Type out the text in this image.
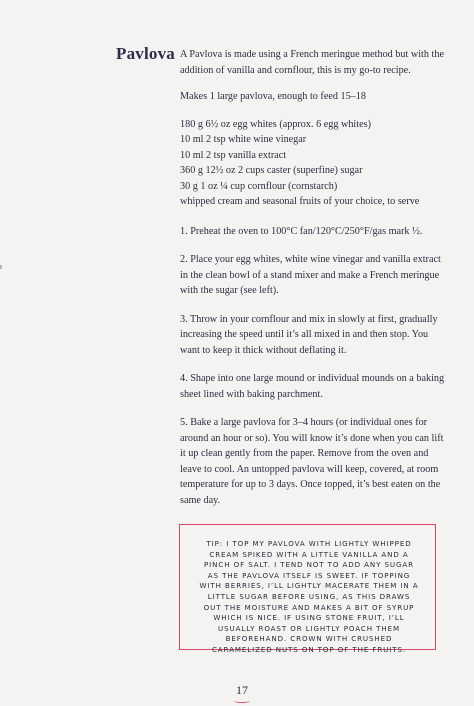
Pavlova A Pavlova is made using a French meringue method but with the addition of vanilla and cornflour, this is my go-to recipe.

Makes 1 large pavlova, enough to feed 15–18

180 g 6½ oz egg whites (approx. 6 egg whites)
10 ml 2 tsp white wine vinegar
10 ml 2 tsp vanilla extract
360 g 12½ oz 2 cups caster (superfine) sugar
30 g 1 oz ¼ cup cornflour (cornstarch)
whipped cream and seasonal fruits of your choice, to serve
1. Preheat the oven to 100°C fan/120°C/250°F/gas mark ½.
2. Place your egg whites, white wine vinegar and vanilla extract in the clean bowl of a stand mixer and make a French meringue with the sugar (see left).
3. Throw in your cornflour and mix in slowly at first, gradually increasing the speed until it’s all mixed in and then stop. You want to keep it thick without deflating it.
4. Shape into one large mound or individual mounds on a baking sheet lined with baking parchment.
5. Bake a large pavlova for 3–4 hours (or individual ones for around an hour or so). You will know it’s done when you can lift it up clean gently from the paper. Remove from the oven and leave to cool. An untopped pavlova will keep, covered, at room temperature for up to 3 days. Once topped, it’s best eaten on the same day.
TIP: I TOP MY PAVLOVA WITH LIGHTLY WHIPPED CREAM SPIKED WITH A LITTLE VANILLA AND A PINCH OF SALT. I TEND NOT TO ADD ANY SUGAR AS THE PAVLOVA ITSELF IS SWEET. IF TOPPING WITH BERRIES, I’LL LIGHTLY MACERATE THEM IN A LITTLE SUGAR BEFORE USING, AS THIS DRAWS OUT THE MOISTURE AND MAKES A BIT OF SYRUP WHICH IS NICE. IF USING STONE FRUIT, I’LL USUALLY ROAST OR LIGHTLY POACH THEM BEFOREHAND. CROWN WITH CRUSHED CARAMELIZED NUTS ON TOP OF THE FRUITS.
17
